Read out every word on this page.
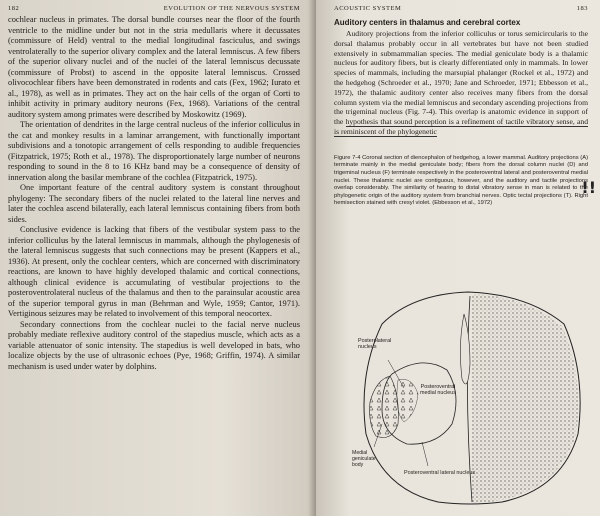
182	EVOLUTION OF THE NERVOUS SYSTEM

cochlear nucleus in primates. The dorsal bundle courses near the floor of the fourth ventricle to the midline under but not in the stria medullaris where it decussates (commissure of Held) ventral to the medial longitudinal fasciculus, and swings ventrolaterally to the superior olivary complex and the lateral lemniscus. A few fibers of the superior olivary nuclei and of the nuclei of the lateral lemniscus decussate (commissure of Probst) to ascend in the opposite lateral lemniscus. Crossed olivocochlear fibers have been demonstrated in rodents and cats (Fex, 1962; Iurato et al., 1978), as well as in primates. They act on the hair cells of the organ of Corti to inhibit activity in primary auditory neurons (Fex, 1968). Variations of the central auditory system among primates were described by Moskowitz (1969).

The orientation of dendrites in the large central nucleus of the inferior colliculus in the cat and monkey results in a laminar arrangement, with functionally important subdivisions and a tonotopic arrangement of cells responding to audible frequencies (Fitzpatrick, 1975; Roth et al., 1978). The disproportionately large number of neurons responding to sound in the 8 to 16 KHz band may be a consequence of density of innervation along the basilar membrane of the cochlea (Fitzpatrick, 1975).

One important feature of the central auditory system is constant throughout phylogeny: The secondary fibers of the nuclei related to the lateral line nerves and later the cochlea ascend bilaterally, each lateral lemniscus containing fibers from both sides.

Conclusive evidence is lacking that fibers of the vestibular system pass to the inferior colliculus by the lateral lemniscus in mammals, although the phylogenesis of the lateral lemniscus suggests that such connections may be present (Kappers et al., 1936). At present, only the cochlear centers, which are concerned with discriminatory reactions, are known to have highly developed thalamic and cortical connections, although clinical evidence is accumulating of vestibular projections to the posteroventrolateral nucleus of the thalamus and then to the parainsular acoustic area of the superior temporal gyrus in man (Behrman and Wyle, 1959; Cantor, 1971). Vertiginous seizures may be related to involvement of this temporal neocortex.

Secondary connections from the cochlear nuclei to the facial nerve nucleus probably mediate reflexive auditory control of the stapedius muscle, which acts as a variable attenuator of sonic intensity. The stapedius is well developed in bats, who localize objects by the use of ultrasonic echoes (Pye, 1968; Griffin, 1974). A similar mechanism is used under water by dolphins.

ACOUSTIC SYSTEM	183
Auditory centers in thalamus and cerebral cortex

Auditory projections from the inferior colliculus or torus semicircularis to the dorsal thalamus probably occur in all vertebrates but have not been studied extensively in submammalian species. The medial geniculate body is a thalamic nucleus for auditory fibers, but is clearly differentiated only in mammals. In lower species of mammals, including the marsupial phalanger (Rockel et al., 1972) and the hedgehog (Schroeder et al., 1970; Jane and Schroeder, 1971; Ebbesson et al., 1972), the thalamic auditory center also receives many fibers from the dorsal column system via the medial lemniscus and secondary ascending projections from the trigeminal nucleus (Fig. 7-4). This overlap is anatomic evidence in support of the hypothesis that sound perception is a refinement of tactile vibratory sense, and is reminiscent of the phylogenetic

Figure 7-4 Coronal section of diencephalon of hedgehog, a lower mammal. Auditory projections (A) terminate mainly in the medial geniculate body; fibers from the dorsal column nuclei (D) and trigeminal nucleus (F) terminate respectively in the posteroventral lateral and posteroventral medial nuclei. These thalamic nuclei are contiguous, however, and the auditory and tactile projections overlap considerably. The similarity of hearing to distal vibratory sense in man is related to the phylogenetic origin of the auditory system from branchial nerves. Optic tectal projections (T). Right hemisection stained with cresyl violet. (Ebbesson et al., 1972)
Posterolateral nucleus
Posteroventral medial nucleus
Medial geniculate body
Posteroventral lateral nucleus
!!
